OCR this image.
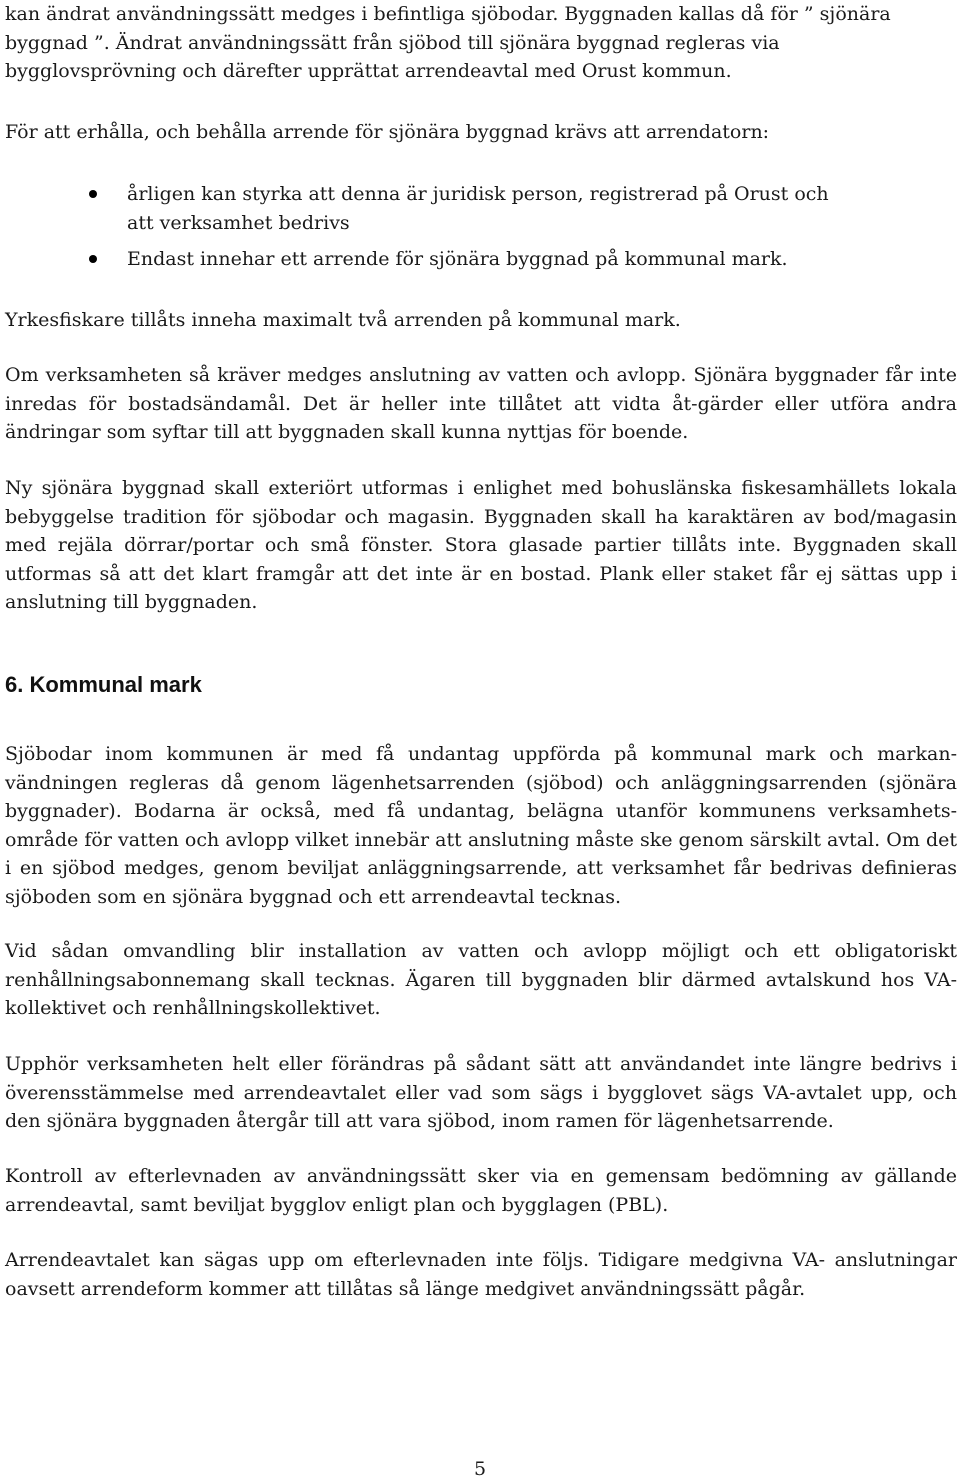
kan ändrat användningssätt medges i befintliga sjöbodar. Byggnaden kallas då för ” sjönära

byggnad ”. Ändrat användningssätt från sjöbod till sjönära byggnad regleras via

bygglovsprövning och därefter upprättat arrendeavtal med Orust kommun.

För att erhålla, och behålla arrende för sjönära byggnad krävs att arrendatorn:

årligen kan styrka att denna är juridisk person, registrerad på Orust och att verksamhet bedrivs
Endast innehar ett arrende för sjönära byggnad på kommunal mark.

Yrkesfiskare tillåts inneha maximalt två arrenden på kommunal mark.

Om verksamheten så kräver medges anslutning av vatten och avlopp. Sjönära byggnader får inte inredas för bostadsändamål. Det är heller inte tillåtet att vidta åt-gärder eller utföra andra ändringar som syftar till att byggnaden skall kunna nyttjas för boende.

Ny sjönära byggnad skall exteriört utformas i enlighet med bohuslänska fiskesamhällets lokala bebyggelse tradition för sjöbodar och magasin. Byggnaden skall ha karaktären av bod/magasin med rejäla dörrar/portar och små fönster. Stora glasade partier tillåts inte. Byggnaden skall utformas så att det klart framgår att det inte är en bostad. Plank eller staket får ej sättas upp i anslutning till byggnaden.

6. Kommunal mark

Sjöbodar inom kommunen är med få undantag uppförda på kommunal mark och markan-vändningen regleras då genom lägenhetsarrenden (sjöbod) och anläggningsarrenden (sjönära byggnader). Bodarna är också, med få undantag, belägna utanför kommunens verksamhets-område för vatten och avlopp vilket innebär att anslutning måste ske genom särskilt avtal. Om det i en sjöbod medges, genom beviljat anläggningsarrende, att verksamhet får bedrivas definieras sjöboden som en sjönära byggnad och ett arrendeavtal tecknas.

Vid sådan omvandling blir installation av vatten och avlopp möjligt och ett obligatoriskt renhållningsabonnemang skall tecknas. Ägaren till byggnaden blir därmed avtalskund hos VA-kollektivet och renhållningskollektivet.

Upphör verksamheten helt eller förändras på sådant sätt att användandet inte längre bedrivs i överensstämmelse med arrendeavtalet eller vad som sägs i bygglovet sägs VA-avtalet upp, och den sjönära byggnaden återgår till att vara sjöbod, inom ramen för lägenhetsarrende.

Kontroll av efterlevnaden av användningssätt sker via en gemensam bedömning av gällande arrendeavtal, samt beviljat bygglov enligt plan och bygglagen (PBL).

Arrendeavtalet kan sägas upp om efterlevnaden inte följs. Tidigare medgivna VA- anslutningar oavsett arrendeform kommer att tillåtas så länge medgivet användningssätt pågår.

5
